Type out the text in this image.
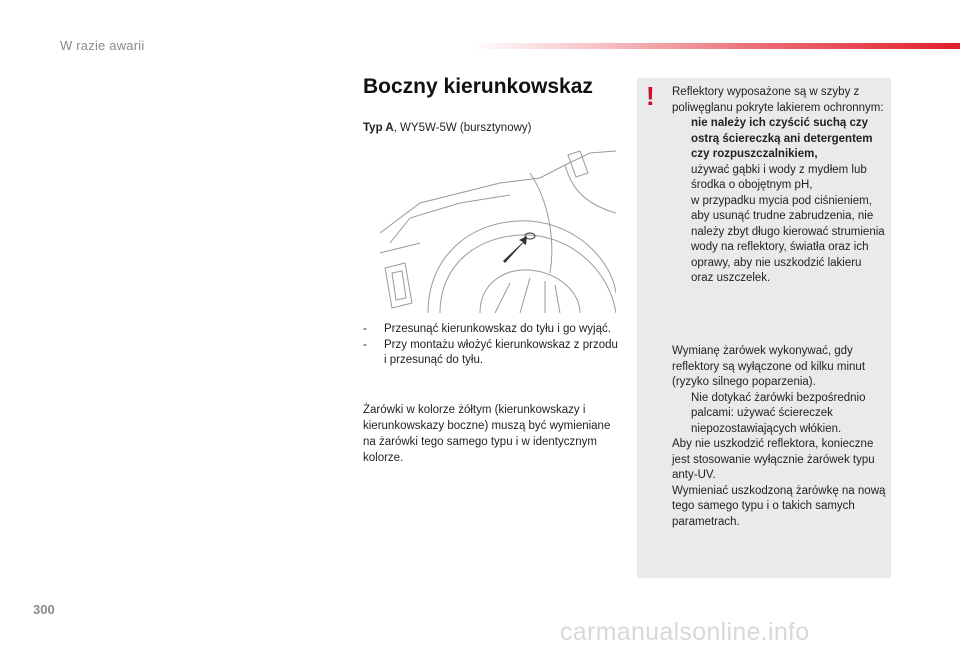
W razie awarii
Boczny kierunkowskaz
Typ A, WY5W-5W (bursztynowy)
- Przesunąć kierunkowskaz do tyłu i go wyjąć.
- Przy montażu włożyć kierunkowskaz z przodu i przesunąć do tyłu.
Żarówki w kolorze żółtym (kierunkowskazy i kierunkowskazy boczne) muszą być wymieniane na żarówki tego samego typu i w identycznym kolorze.
! Reflektory wyposażone są w szyby z poliwęglanu pokryte lakierem ochronnym:
nie należy ich czyścić suchą czy ostrą ściereczką ani detergentem czy rozpuszczalnikiem,
używać gąbki i wody z mydłem lub środka o obojętnym pH,
w przypadku mycia pod ciśnieniem, aby usunąć trudne zabrudzenia, nie należy zbyt długo kierować strumienia wody na reflektory, światła oraz ich oprawy, aby nie uszkodzić lakieru oraz uszczelek.
Wymianę żarówek wykonywać, gdy reflektory są wyłączone od kilku minut (ryzyko silnego poparzenia).
Nie dotykać żarówki bezpośrednio palcami: używać ściereczek niepozostawiających włókien.
Aby nie uszkodzić reflektora, konieczne jest stosowanie wyłącznie żarówek typu anty-UV.
Wymieniać uszkodzoną żarówkę na nową tego samego typu i o takich samych parametrach.
300
carmanualsonline.info
